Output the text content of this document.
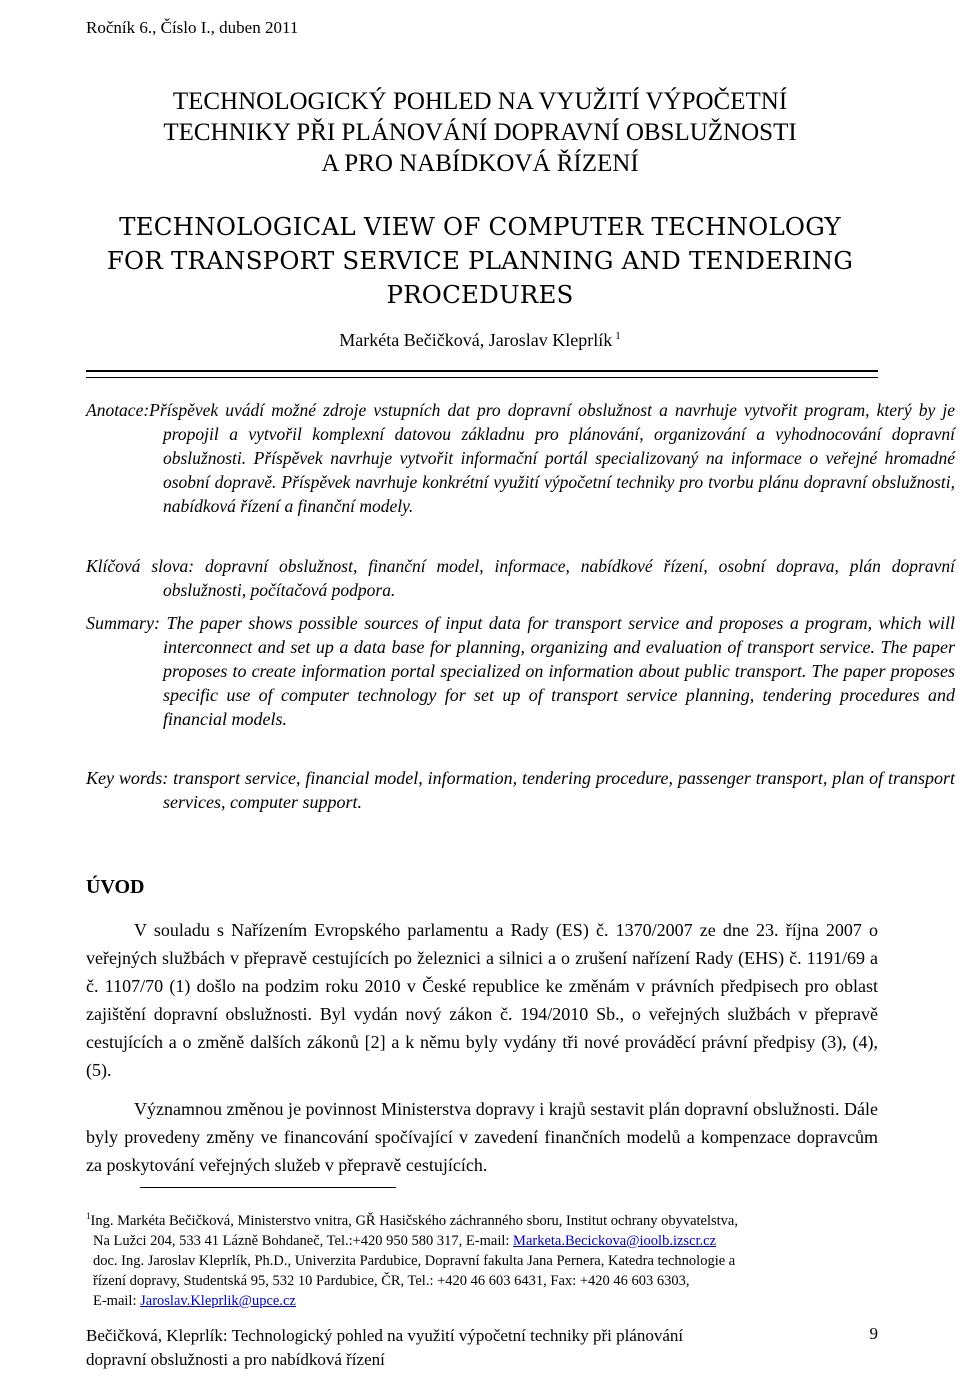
Ročník 6., Číslo I., duben 2011
TECHNOLOGICKÝ POHLED NA VYUŽITÍ VÝPOČETNÍ
TECHNIKY PŘI PLÁNOVÁNÍ DOPRAVNÍ OBSLUŽNOSTI
A PRO NABÍDKOVÁ ŘÍZENÍ
TECHNOLOGICAL VIEW OF COMPUTER TECHNOLOGY
FOR TRANSPORT SERVICE PLANNING AND TENDERING
PROCEDURES
Markéta Bečičková, Jaroslav Kleprlík $^1$
Anotace:Příspěvek uvádí možné zdroje vstupních dat pro dopravní obslužnost a navrhuje vytvořit program, který by je propojil a vytvořil komplexní datovou základnu pro plánování, organizování a vyhodnocování dopravní obslužnosti. Příspěvek navrhuje vytvořit informační portál specializovaný na informace o veřejné hromadné osobní dopravě. Příspěvek navrhuje konkrétní využití výpočetní techniky pro tvorbu plánu dopravní obslužnosti, nabídková řízení a finanční modely.
Klíčová slova: dopravní obslužnost, finanční model, informace, nabídkové řízení, osobní doprava, plán dopravní obslužnosti, počítačová podpora.
Summary: The paper shows possible sources of input data for transport service and proposes a program, which will interconnect and set up a data base for planning, organizing and evaluation of transport service. The paper proposes to create information portal specialized on information about public transport. The paper proposes specific use of computer technology for set up of transport service planning, tendering procedures and financial models.
Key words: transport service, financial model, information, tendering procedure, passenger transport, plan of transport services, computer support.
ÚVOD
V souladu s Nařízením Evropského parlamentu a Rady (ES) č. 1370/2007 ze dne 23. října 2007 o veřejných službách v přepravě cestujících po železnici a silnici a o zrušení nařízení Rady (EHS) č. 1191/69 a č. 1107/70 (1) došlo na podzim roku 2010 v České republice ke změnám v právních předpisech pro oblast zajištění dopravní obslužnosti. Byl vydán nový zákon č. 194/2010 Sb., o veřejných službách v přepravě cestujících a o změně dalších zákonů [2] a k němu byly vydány tři nové prováděcí právní předpisy (3), (4), (5).
Významnou změnou je povinnost Ministerstva dopravy i krajů sestavit plán dopravní obslužnosti. Dále byly provedeny změny ve financování spočívající v zavedení finančních modelů a kompenzace dopravcům za poskytování veřejných služeb v přepravě cestujících.
$^1$Ing. Markéta Bečičková, Ministerstvo vnitra, GŘ Hasičského záchranného sboru, Institut ochrany obyvatelstva,
Na Lužci 204, 533 41 Lázně Bohdaneč, Tel.:+420 950 580 317, E-mail: Marketa.Becickova@ioolb.izscr.cz
doc. Ing. Jaroslav Kleprlík, Ph.D., Univerzita Pardubice, Dopravní fakulta Jana Pernera, Katedra technologie a
řízení dopravy, Studentská 95, 532 10 Pardubice, ČR, Tel.: +420 46 603 6431, Fax: +420 46 603 6303,
E-mail: Jaroslav.Kleprlik@upce.cz
Bečičková, Kleprlík: Technologický pohled na využití výpočetní techniky při plánování
dopravní obslužnosti a pro nabídková řízení
9
